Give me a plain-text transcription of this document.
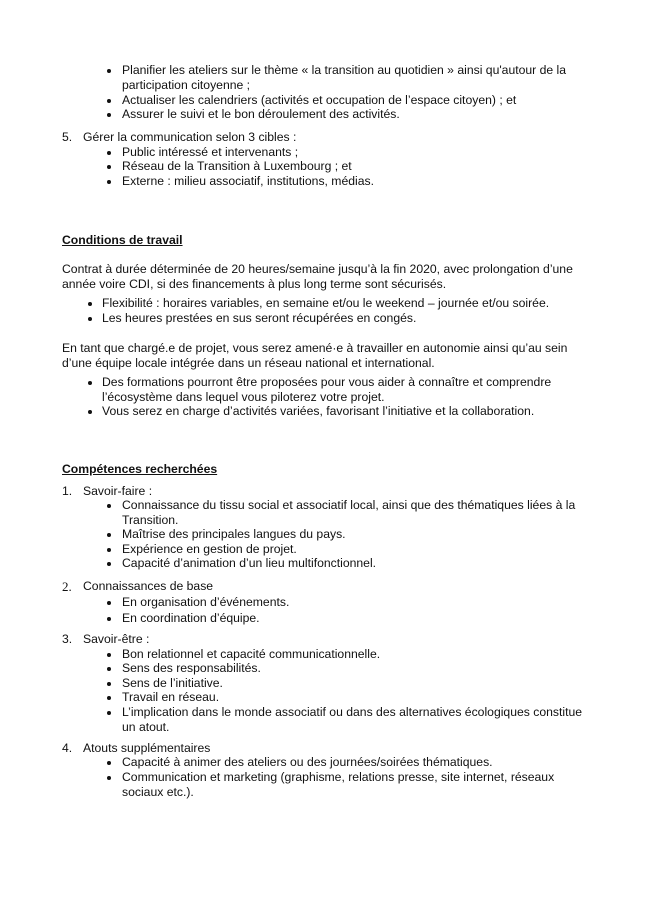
Planifier les ateliers sur le thème « la transition au quotidien » ainsi qu'autour de la participation citoyenne ;
Actualiser les calendriers (activités et occupation de l’espace citoyen) ; et
Assurer le suivi et le bon déroulement des activités.
5. Gérer la communication selon 3 cibles :
Public intéressé et intervenants ;
Réseau de la Transition à Luxembourg ; et
Externe : milieu associatif, institutions, médias.
Conditions de travail
Contrat à durée déterminée de 20 heures/semaine jusqu’à la fin 2020, avec prolongation d’une année voire CDI, si des financements à plus long terme sont sécurisés.
Flexibilité : horaires variables, en semaine et/ou le weekend – journée et/ou soirée.
Les heures prestées en sus seront récupérées en congés.
En tant que chargé.e de projet, vous serez amené·e à travailler en autonomie ainsi qu’au sein d’une équipe locale intégrée dans un réseau national et international.
Des formations pourront être proposées pour vous aider à connaître et comprendre l’écosystème dans lequel vous piloterez votre projet.
Vous serez en charge d’activités variées, favorisant l’initiative et la collaboration.
Compétences recherchées
1. Savoir-faire :
Connaissance du tissu social et associatif local, ainsi que des thématiques liées à la Transition.
Maîtrise des principales langues du pays.
Expérience en gestion de projet.
Capacité d’animation d’un lieu multifonctionnel.
2. Connaissances de base
En organisation d’événements.
En coordination d’équipe.
3. Savoir-être :
Bon relationnel et capacité communicationnelle.
Sens des responsabilités.
Sens de l’initiative.
Travail en réseau.
L’implication dans le monde associatif ou dans des alternatives écologiques constitue un atout.
4. Atouts supplémentaires
Capacité à animer des ateliers ou des journées/soirées thématiques.
Communication et marketing (graphisme, relations presse, site internet, réseaux sociaux etc.).
